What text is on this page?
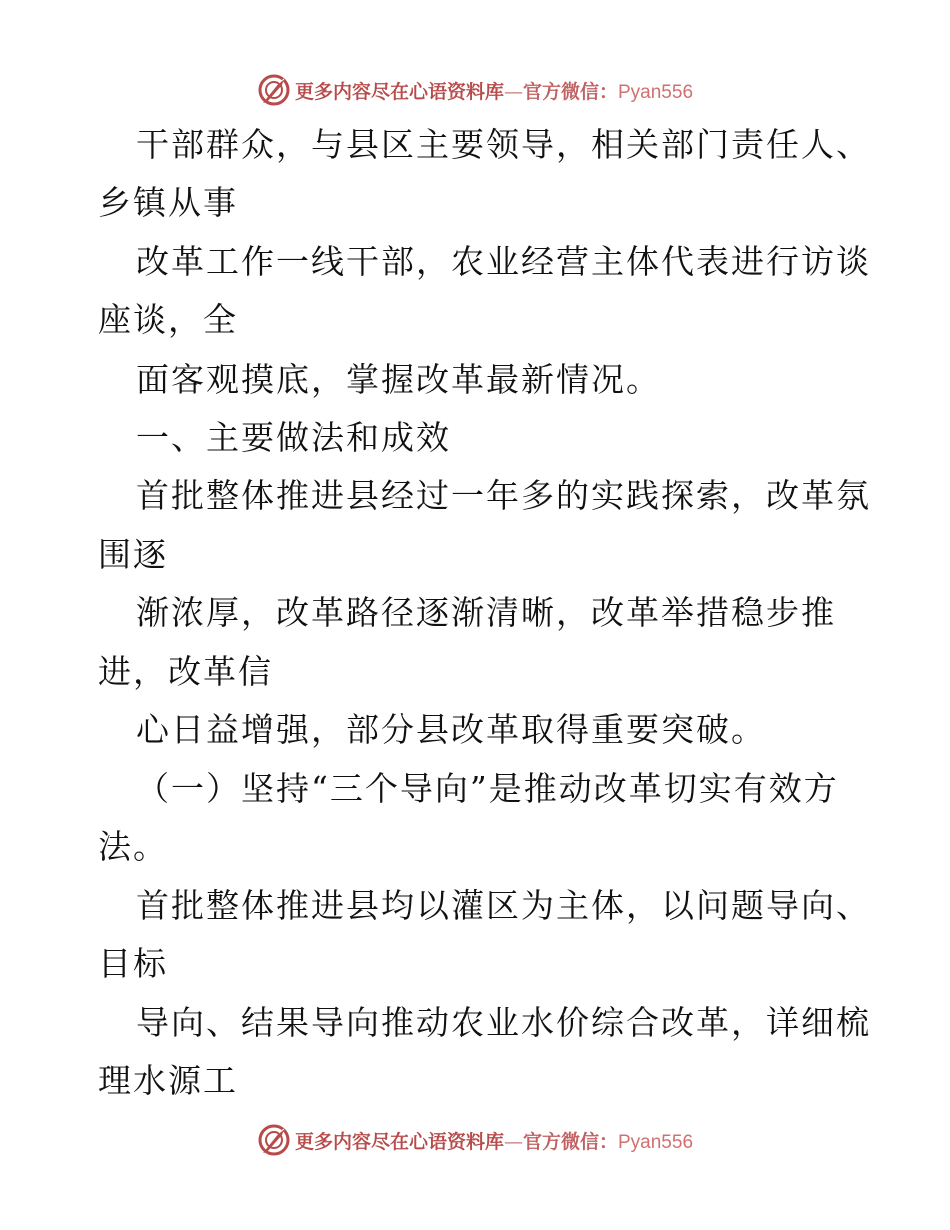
更多内容尽在心语资料库—官方微信：Pyan556
干部群众，与县区主要领导，相关部门责任人、
乡镇从事
改革工作一线干部，农业经营主体代表进行访谈
座谈，全
面客观摸底，掌握改革最新情况。
一、主要做法和成效
首批整体推进县经过一年多的实践探索，改革氛
围逐
渐浓厚，改革路径逐渐清晰，改革举措稳步推
进，改革信
心日益增强，部分县改革取得重要突破。
（一）坚持“三个导向”是推动改革切实有效方
法。
首批整体推进县均以灌区为主体，以问题导向、
目标
导向、结果导向推动农业水价综合改革，详细梳
理水源工
更多内容尽在心语资料库—官方微信：Pyan556
